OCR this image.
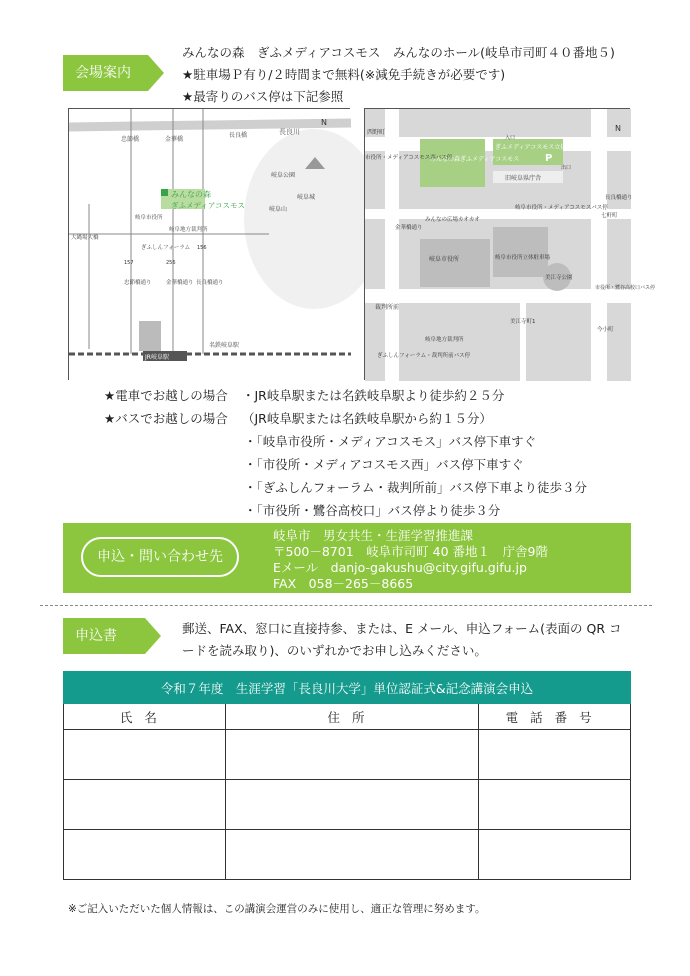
会場案内
みんなの森　ぎふメディアコスモス　みんなのホール(岐阜市司町４０番地５)
★駐車場Ｐ有り/２時間まで無料(※減免手続きが必要です)
★最寄りのバス停は下記参照
長良川
忠節橋	金華橋
長良橋
みんなの森
ぎふメディアコスモス
岐阜市役所
岐阜地方裁判所
ぎふしんフォーラム
岐阜公園
岐阜城
岐阜山
N
大縄場大橋
忠節橋通り	金華橋通り 長良橋通り
157	256
156
JR岐阜駅
名鉄岐阜駅
みんなの森ぎふメディアコスモス
ぎふメディアコスモス立体駐車場
P
入口
出口
旧岐阜県庁舎
西野町
市役所・メディアコスモス西バス停
みんなの広場カオカオ
岐阜市役所・メディアコスモスバス停
岐阜市役所	岐阜市役所立体駐車場
長良橋通り
七軒町
金華橋通り
美江寺公園
市役所・鷺谷高校口バス停
裁判所前
岐阜地方裁判所
美江寺町1
今小町
ぎふしんフォーラム・裁判所前バス停
N
★電車でお越しの場合	・JR岐阜駅または名鉄岐阜駅より徒歩約２５分
★バスでお越しの場合	（JR岐阜駅または名鉄岐阜駅から約１５分）
・「岐阜市役所・メディアコスモス」バス停下車すぐ
・「市役所・メディアコスモス西」バス停下車すぐ
・「ぎふしんフォーラム・裁判所前」バス停下車より徒歩３分
・「市役所・鷺谷高校口」バス停より徒歩３分
申込・問い合わせ先
岐阜市　男女共生・生涯学習推進課
〒500－8701　岐阜市司町 40 番地１　庁舎9階
Eメール　danjo-gakushu@city.gifu.gifu.jp
FAX　058－265－8665
申込書	郵送、FAX、窓口に直接持参、または、E メール、申込フォーム(表面の QR コードを読み取り)、のいずれかでお申し込みください。
令和７年度　生涯学習「長良川大学」単位認証式&記念講演会申込		
氏名	住所	電話番号

※ご記入いただいた個人情報は、この講演会運営のみに使用し、適正な管理に努めます。
